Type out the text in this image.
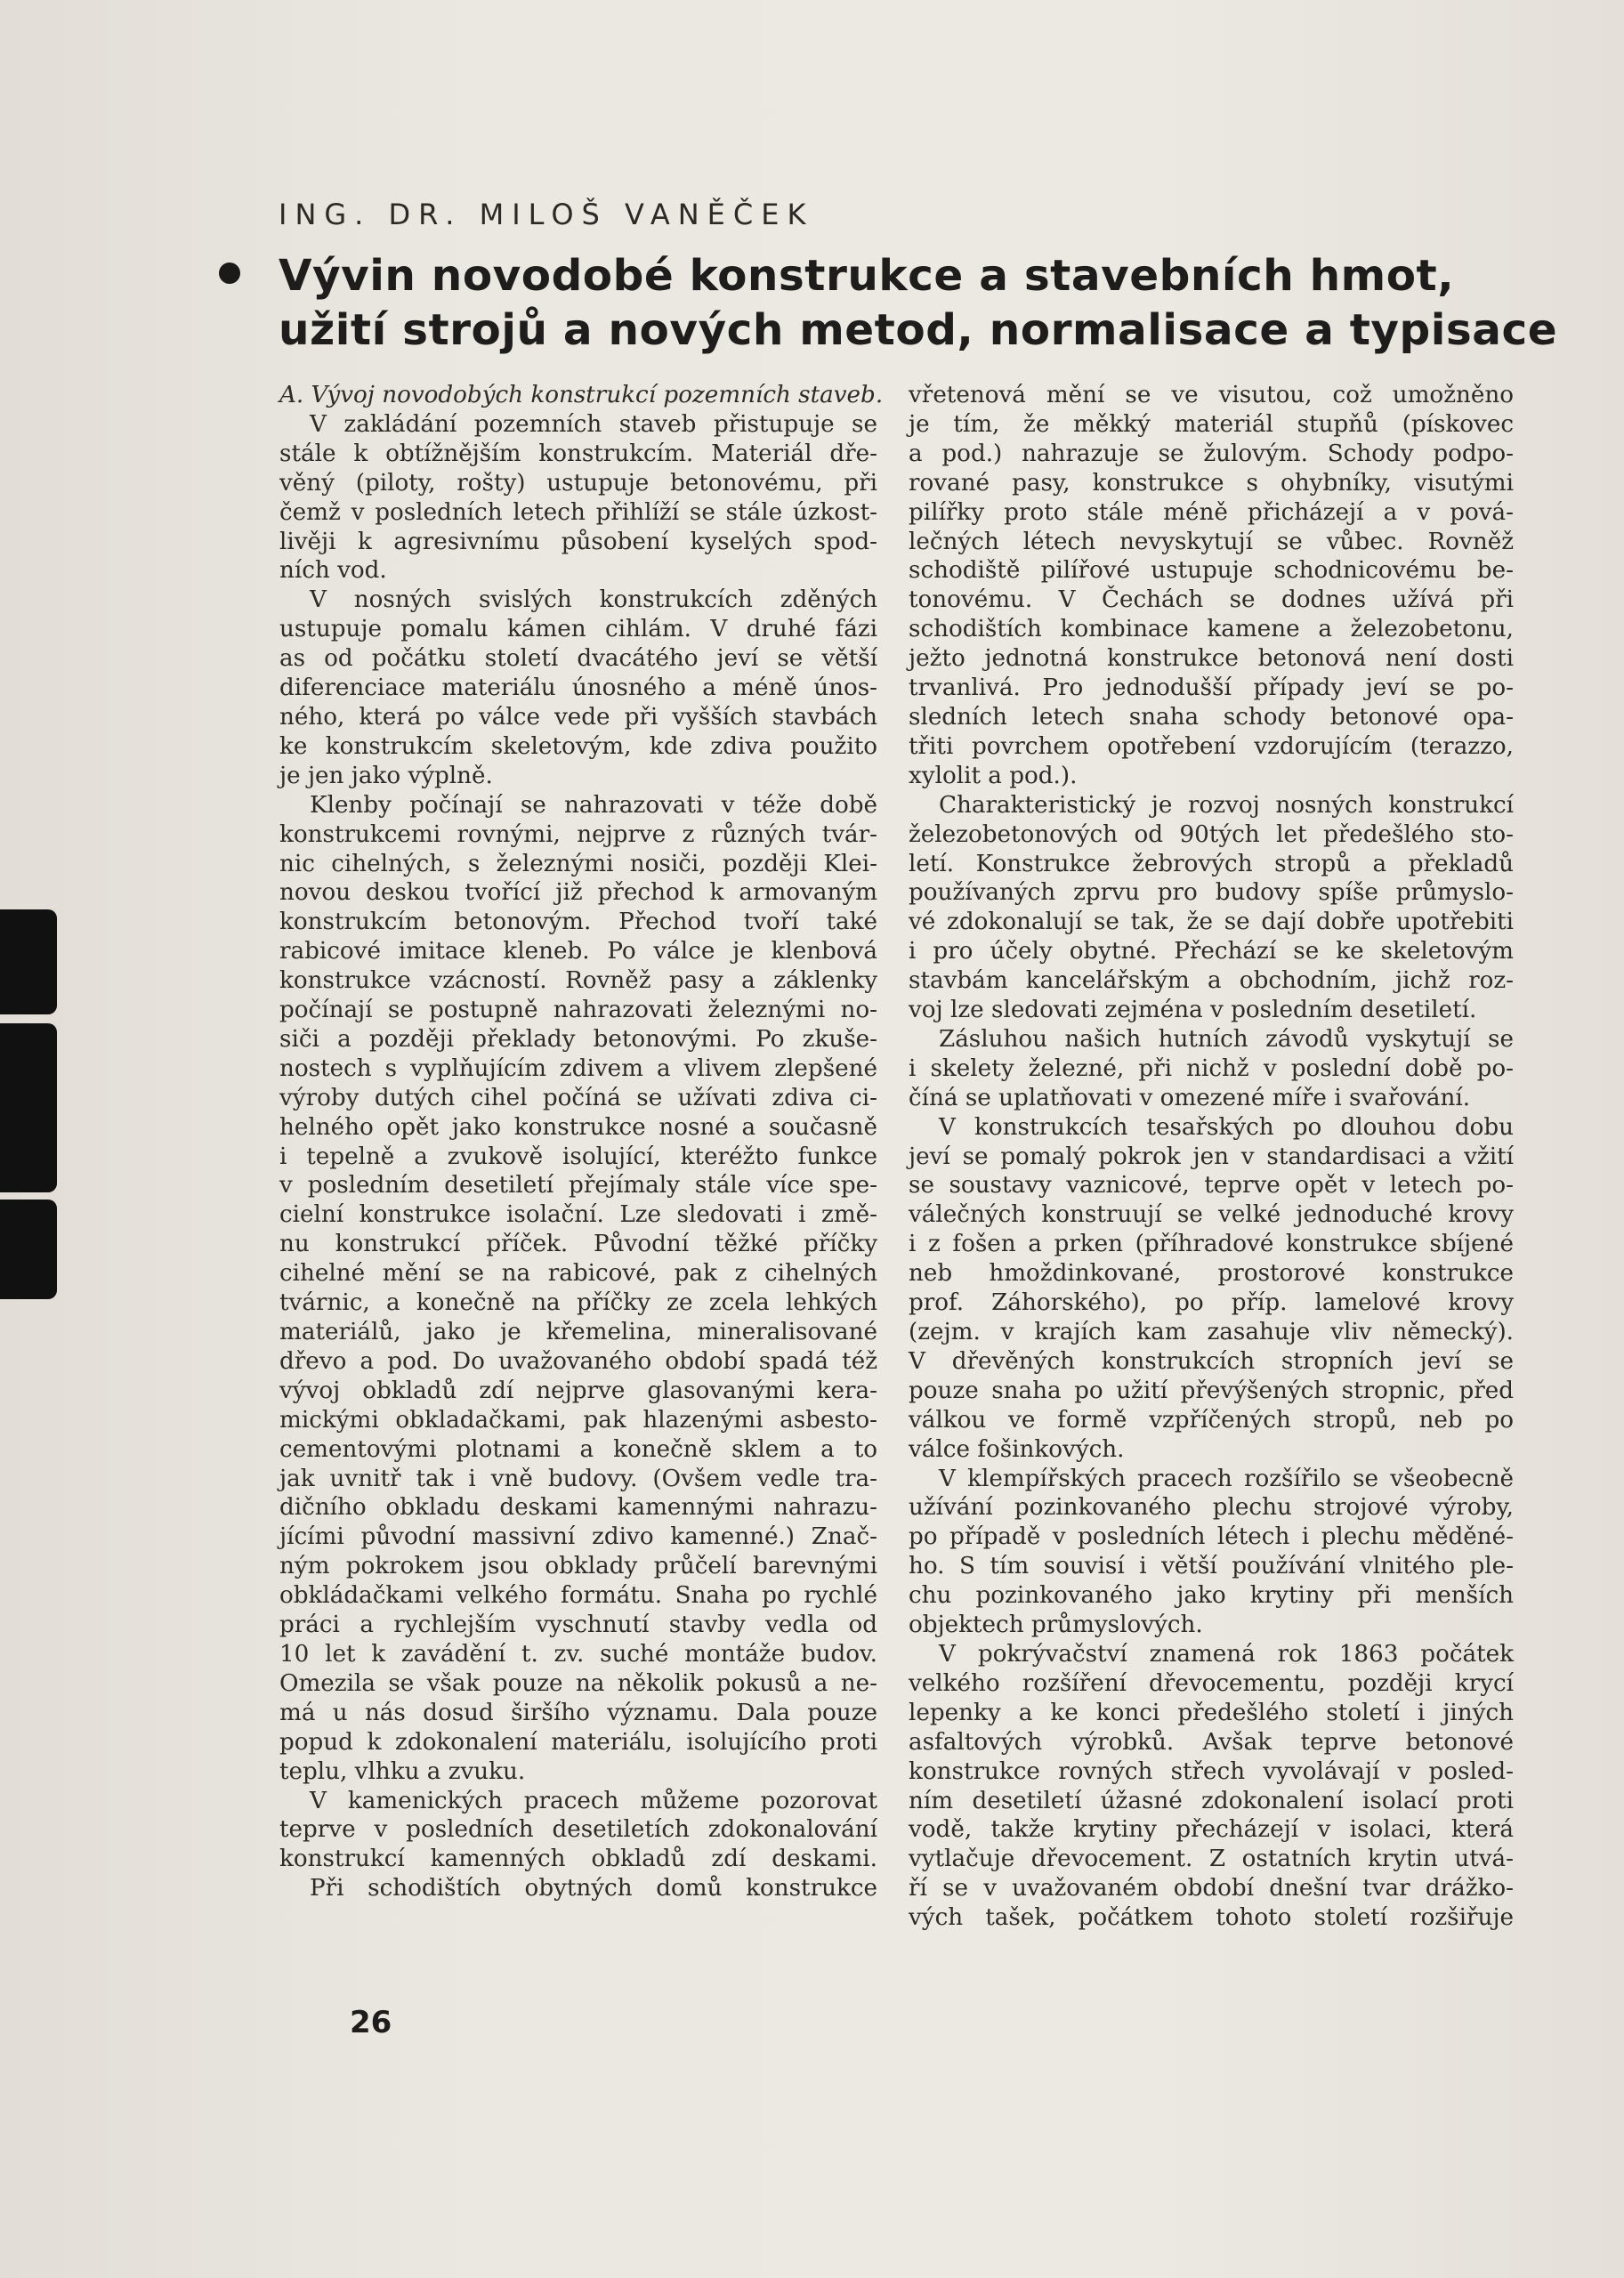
ING. DR. MILOŠ VANĚČEK
Vývin novodobé konstrukce a stavebních hmot,
užití strojů a nových metod, normalisace a typisace
A. Vývoj novodobých konstrukcí pozemních staveb.
V zakládání pozemních staveb přistupuje se
stále k obtížnějším konstrukcím. Materiál dře-
věný (piloty, rošty) ustupuje betonovému, při
čemž v posledních letech přihlíží se stále úzkost-
livěji k agresivnímu působení kyselých spod-
ních vod.
V nosných svislých konstrukcích zděných
ustupuje pomalu kámen cihlám. V druhé fázi
as od počátku století dvacátého jeví se větší
diferenciace materiálu únosného a méně únos-
ného, která po válce vede při vyšších stavbách
ke konstrukcím skeletovým, kde zdiva použito
je jen jako výplně.
Klenby počínají se nahrazovati v téže době
konstrukcemi rovnými, nejprve z různých tvár-
nic cihelných, s železnými nosiči, později Klei-
novou deskou tvořící již přechod k armovaným
konstrukcím betonovým. Přechod tvoří také
rabicové imitace kleneb. Po válce je klenbová
konstrukce vzácností. Rovněž pasy a záklenky
počínají se postupně nahrazovati železnými no-
siči a později překlady betonovými. Po zkuše-
nostech s vyplňujícím zdivem a vlivem zlepšené
výroby dutých cihel počíná se užívati zdiva ci-
helného opět jako konstrukce nosné a současně
i tepelně a zvukově isolující, kteréžto funkce
v posledním desetiletí přejímaly stále více spe-
cielní konstrukce isolační. Lze sledovati i změ-
nu konstrukcí příček. Původní těžké příčky
cihelné mění se na rabicové, pak z cihelných
tvárnic, a konečně na příčky ze zcela lehkých
materiálů, jako je křemelina, mineralisované
dřevo a pod. Do uvažovaného období spadá též
vývoj obkladů zdí nejprve glasovanými kera-
mickými obkladačkami, pak hlazenými asbesto-
cementovými plotnami a konečně sklem a to
jak uvnitř tak i vně budovy. (Ovšem vedle tra-
dičního obkladu deskami kamennými nahrazu-
jícími původní massivní zdivo kamenné.) Znač-
ným pokrokem jsou obklady průčelí barevnými
obkládačkami velkého formátu. Snaha po rychlé
práci a rychlejším vyschnutí stavby vedla od
10 let k zavádění t. zv. suché montáže budov.
Omezila se však pouze na několik pokusů a ne-
má u nás dosud širšího významu. Dala pouze
popud k zdokonalení materiálu, isolujícího proti
teplu, vlhku a zvuku.
V kamenických pracech můžeme pozorovat
teprve v posledních desetiletích zdokonalování
konstrukcí kamenných obkladů zdí deskami.
Při schodištích obytných domů konstrukce
vřetenová mění se ve visutou, což umožněno
je tím, že měkký materiál stupňů (pískovec
a pod.) nahrazuje se žulovým. Schody podpo-
rované pasy, konstrukce s ohybníky, visutými
pilířky proto stále méně přicházejí a v pová-
lečných létech nevyskytují se vůbec. Rovněž
schodiště pilířové ustupuje schodnicovému be-
tonovému. V Čechách se dodnes užívá při
schodištích kombinace kamene a železobetonu,
ježto jednotná konstrukce betonová není dosti
trvanlivá. Pro jednodušší případy jeví se po-
sledních letech snaha schody betonové opa-
třiti povrchem opotřebení vzdorujícím (terazzo,
xylolit a pod.).
Charakteristický je rozvoj nosných konstrukcí
železobetonových od 90tých let předešlého sto-
letí. Konstrukce žebrových stropů a překladů
používaných zprvu pro budovy spíše průmyslo-
vé zdokonalují se tak, že se dají dobře upotřebiti
i pro účely obytné. Přechází se ke skeletovým
stavbám kancelářským a obchodním, jichž roz-
voj lze sledovati zejména v posledním desetiletí.
Zásluhou našich hutních závodů vyskytují se
i skelety železné, při nichž v poslední době po-
číná se uplatňovati v omezené míře i svařování.
V konstrukcích tesařských po dlouhou dobu
jeví se pomalý pokrok jen v standardisaci a vžití
se soustavy vaznicové, teprve opět v letech po-
válečných konstruují se velké jednoduché krovy
i z fošen a prken (příhradové konstrukce sbíjené
neb hmoždinkované, prostorové konstrukce
prof. Záhorského), po příp. lamelové krovy
(zejm. v krajích kam zasahuje vliv německý).
V dřevěných konstrukcích stropních jeví se
pouze snaha po užití převýšených stropnic, před
válkou ve formě vzpříčených stropů, neb po
válce fošinkových.
V klempířských pracech rozšířilo se všeobecně
užívání pozinkovaného plechu strojové výroby,
po případě v posledních létech i plechu měděné-
ho. S tím souvisí i větší používání vlnitého ple-
chu pozinkovaného jako krytiny při menších
objektech průmyslových.
V pokrývačství znamená rok 1863 počátek
velkého rozšíření dřevocementu, později krycí
lepenky a ke konci předešlého století i jiných
asfaltových výrobků. Avšak teprve betonové
konstrukce rovných střech vyvolávají v posled-
ním desetiletí úžasné zdokonalení isolací proti
vodě, takže krytiny přecházejí v isolaci, která
vytlačuje dřevocement. Z ostatních krytin utvá-
ří se v uvažovaném období dnešní tvar drážko-
vých tašek, počátkem tohoto století rozšiřuje
26
